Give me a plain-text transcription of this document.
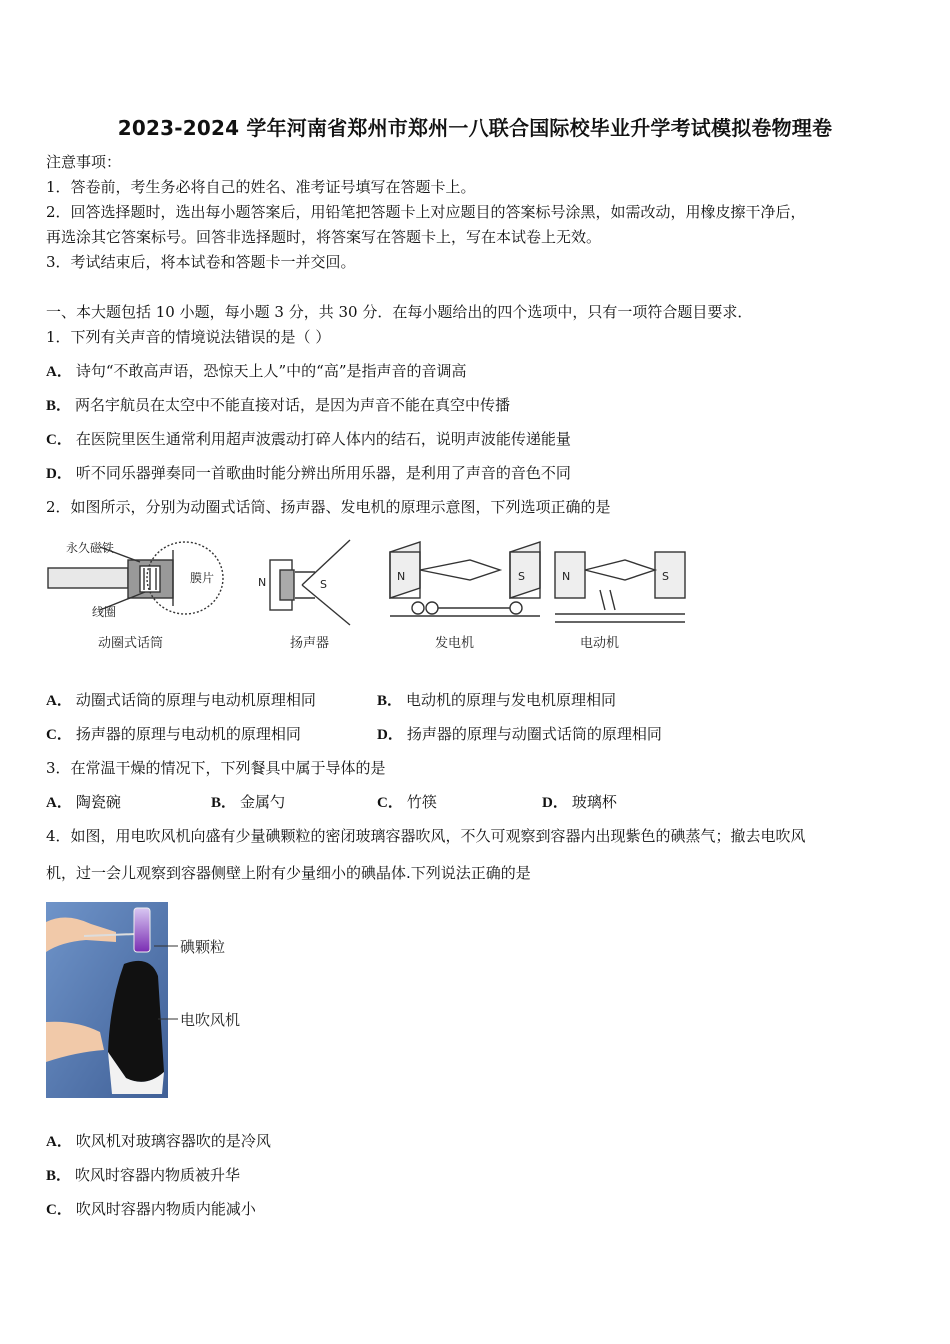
2023-2024 学年河南省郑州市郑州一八联合国际校毕业升学考试模拟卷物理卷
注意事项：
1．答卷前，考生务必将自己的姓名、准考证号填写在答题卡上。
2．回答选择题时，选出每小题答案后，用铅笔把答题卡上对应题目的答案标号涂黑，如需改动，用橡皮擦干净后，
再选涂其它答案标号。回答非选择题时，将答案写在答题卡上，写在本试卷上无效。
3．考试结束后，将本试卷和答题卡一并交回。
一、本大题包括 10 小题，每小题 3 分，共 30 分．在每小题给出的四个选项中，只有一项符合题目要求．
1．下列有关声音的情境说法错误的是（ ）
A． 诗句“不敢高声语，恐惊天上人”中的“高”是指声音的音调高
B． 两名宇航员在太空中不能直接对话，是因为声音不能在真空中传播
C． 在医院里医生通常利用超声波震动打碎人体内的结石，说明声波能传递能量
D． 听不同乐器弹奏同一首歌曲时能分辨出所用乐器，是利用了声音的音色不同
2．如图所示，分别为动圈式话筒、扬声器、发电机的原理示意图，下列选项正确的是
永久磁铁
膜片
线圈
动圈式话筒
N	S
扬声器
N	S
发电机
N	S
电动机
A． 动圈式话筒的原理与电动机原理相同	B． 电动机的原理与发电机原理相同
C． 扬声器的原理与电动机的原理相同	D． 扬声器的原理与动圈式话筒的原理相同
3．在常温干燥的情况下，下列餐具中属于导体的是
A． 陶瓷碗	B． 金属勺	C． 竹筷	D． 玻璃杯
4．如图，用电吹风机向盛有少量碘颗粒的密闭玻璃容器吹风，不久可观察到容器内出现紫色的碘蒸气；撤去电吹风
机，过一会儿观察到容器侧壁上附有少量细小的碘晶体.下列说法正确的是
碘颗粒
电吹风机
A． 吹风机对玻璃容器吹的是冷风
B． 吹风时容器内物质被升华
C． 吹风时容器内物质内能减小
